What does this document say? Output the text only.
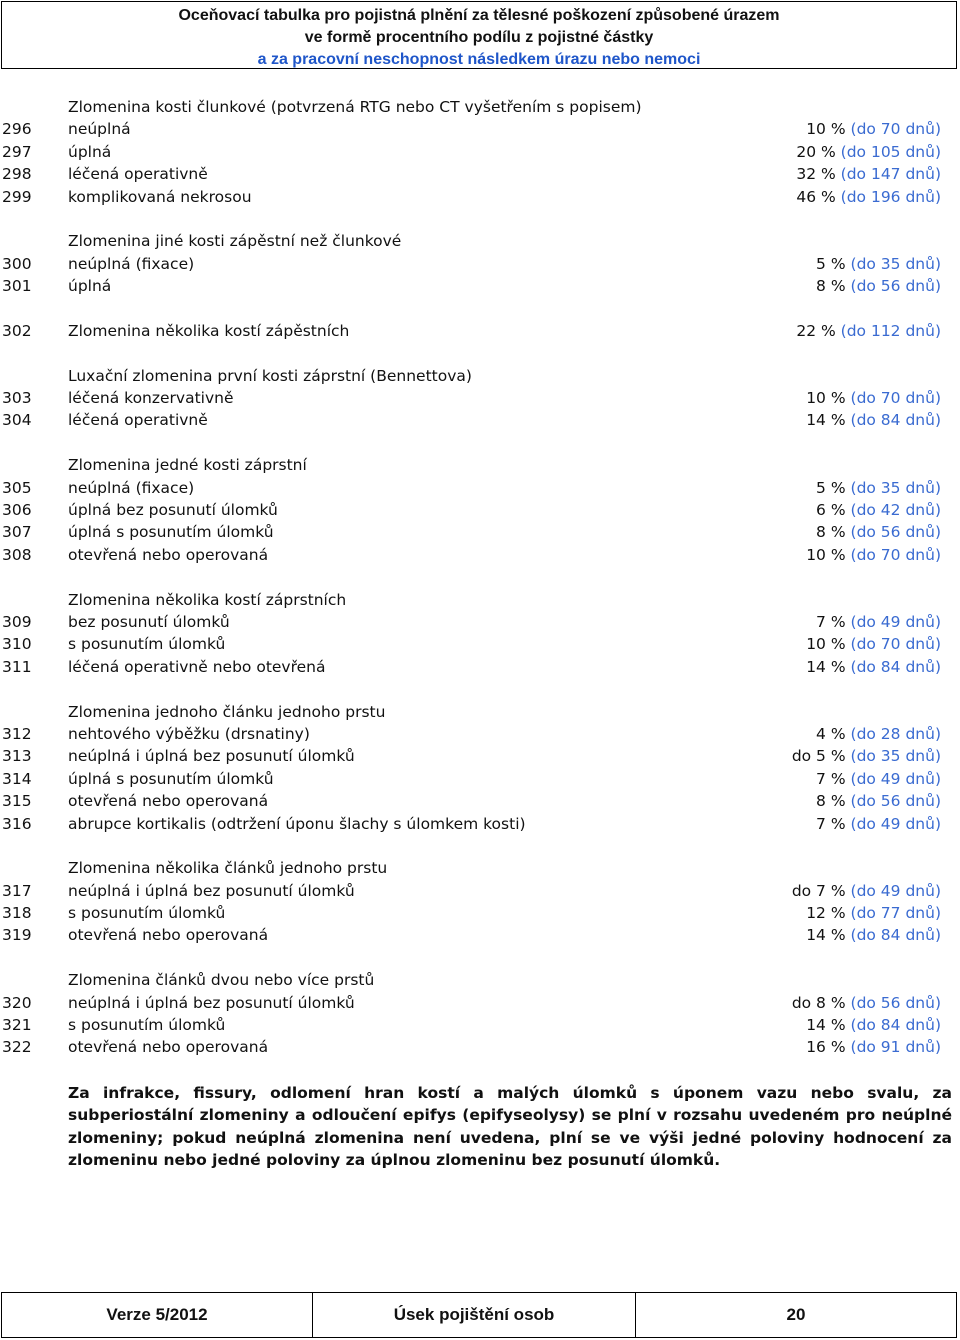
Oceňovací tabulka pro pojistná plnění za tělesné poškození způsobené úrazem
ve formě procentního podílu z pojistné částky
a za pracovní neschopnost následkem úrazu nebo nemoci
Zlomenina kosti člunkové (potvrzená RTG nebo CT vyšetřením s popisem)
296 neúplná	10 % (do 70 dnů)
297 úplná	20 % (do 105 dnů)
298 léčená operativně	32 % (do 147 dnů)
299 komplikovaná nekrosou	46 % (do 196 dnů)
Zlomenina jiné kosti zápěstní než člunkové
300 neúplná (fixace)	5 % (do 35 dnů)
301 úplná	8 % (do 56 dnů)
302 Zlomenina několika kostí zápěstních	22 % (do 112 dnů)
Luxační zlomenina první kosti záprstní (Bennettova)
303 léčená konzervativně	10 % (do 70 dnů)
304 léčená operativně	14 % (do 84 dnů)
Zlomenina jedné kosti záprstní
305 neúplná (fixace)	5 % (do 35 dnů)
306 úplná bez posunutí úlomků	6 % (do 42 dnů)
307 úplná s posunutím úlomků	8 % (do 56 dnů)
308 otevřená nebo operovaná	10 % (do 70 dnů)
Zlomenina několika kostí záprstních
309 bez posunutí úlomků	7 % (do 49 dnů)
310 s posunutím úlomků	10 % (do 70 dnů)
311 léčená operativně nebo otevřená	14 % (do 84 dnů)
Zlomenina jednoho článku jednoho prstu
312 nehtového výběžku (drsnatiny)	4 % (do 28 dnů)
313 neúplná i úplná bez posunutí úlomků	do 5 % (do 35 dnů)
314 úplná s posunutím úlomků	7 % (do 49 dnů)
315 otevřená nebo operovaná	8 % (do 56 dnů)
316 abrupce kortikalis (odtržení úponu šlachy s úlomkem kosti)	7 % (do 49 dnů)
Zlomenina několika článků jednoho prstu
317 neúplná i úplná bez posunutí úlomků	do 7 % (do 49 dnů)
318 s posunutím úlomků	12 % (do 77 dnů)
319 otevřená nebo operovaná	14 % (do 84 dnů)
Zlomenina článků dvou nebo více prstů
320 neúplná i úplná bez posunutí úlomků	do 8 % (do 56 dnů)
321 s posunutím úlomků	14 % (do 84 dnů)
322 otevřená nebo operovaná	16 % (do 91 dnů)
Za infrakce, fissury, odlomení hran kostí a malých úlomků s úponem vazu nebo svalu, za subperiostální zlomeniny a odloučení epifys (epifyseolysy) se plní v rozsahu uvedeném pro neúplné zlomeniny; pokud neúplná zlomenina není uvedena, plní se ve výši jedné poloviny hodnocení za zlomeninu nebo jedné poloviny za úplnou zlomeninu bez posunutí úlomků.
Verze 5/2012	Úsek pojištění osob	20
